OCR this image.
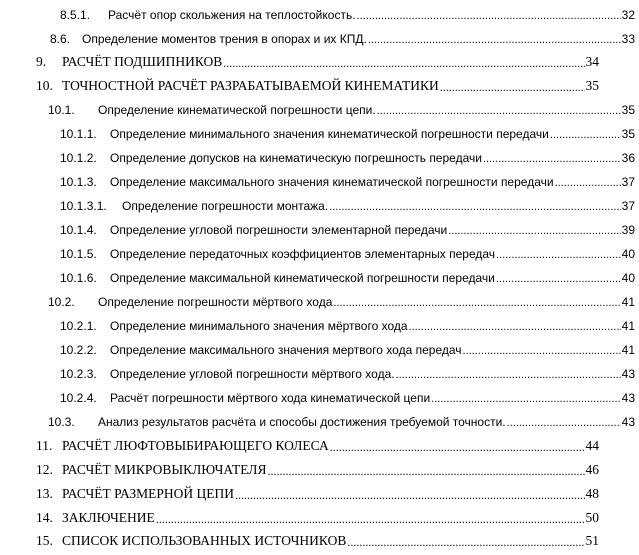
8.5.1.	Расчёт опор скольжения на теплостойкость. .....	32
8.6. Определение моментов трения в опорах и их КПД. .....	33
9.	РАСЧЁТ ПОДШИПНИКОВ .....	34
10. ТОЧНОСТНОЙ РАСЧЁТ РАЗРАБАТЫВАЕМОЙ КИНЕМАТИКИ .....	35
10.1.	Определение кинематической погрешности цепи. .....	35
10.1.1.	Определение минимального значения кинематической погрешности передачи .....	35
10.1.2.	Определение допусков на кинематическую погрешность передачи .....	36
10.1.3.	Определение максимального значения кинематической погрешности передачи .....	37
10.1.3.1.	Определение погрешности монтажа. .....	37
10.1.4.	Определение угловой погрешности элементарной передачи .....	39
10.1.5.	Определение передаточных коэффициентов элементарных передач .....	40
10.1.6.	Определение максимальной кинематической погрешности передачи .....	40
10.2.	Определение погрешности мёртвого хода .....	41
10.2.1.	Определение минимального значения мёртвого хода .....	41
10.2.2.	Определение максимального значения мертвого хода передач .....	41
10.2.3.	Определение угловой погрешности мёртвого хода. .....	43
10.2.4.	Расчёт погрешности мёртвого хода кинематической цепи .....	43
10.3.	Анализ результатов расчёта и способы достижения требуемой точности. .....	43
11. РАСЧЁТ ЛЮФТОВЫБИРАЮЩЕГО КОЛЕСА .....	44
12. РАСЧЁТ МИКРОВЫКЛЮЧАТЕЛЯ .....	46
13. РАСЧЁТ РАЗМЕРНОЙ ЦЕПИ .....	48
14. ЗАКЛЮЧЕНИЕ .....	50
15. СПИСОК ИСПОЛЬЗОВАННЫХ ИСТОЧНИКОВ .....	51
